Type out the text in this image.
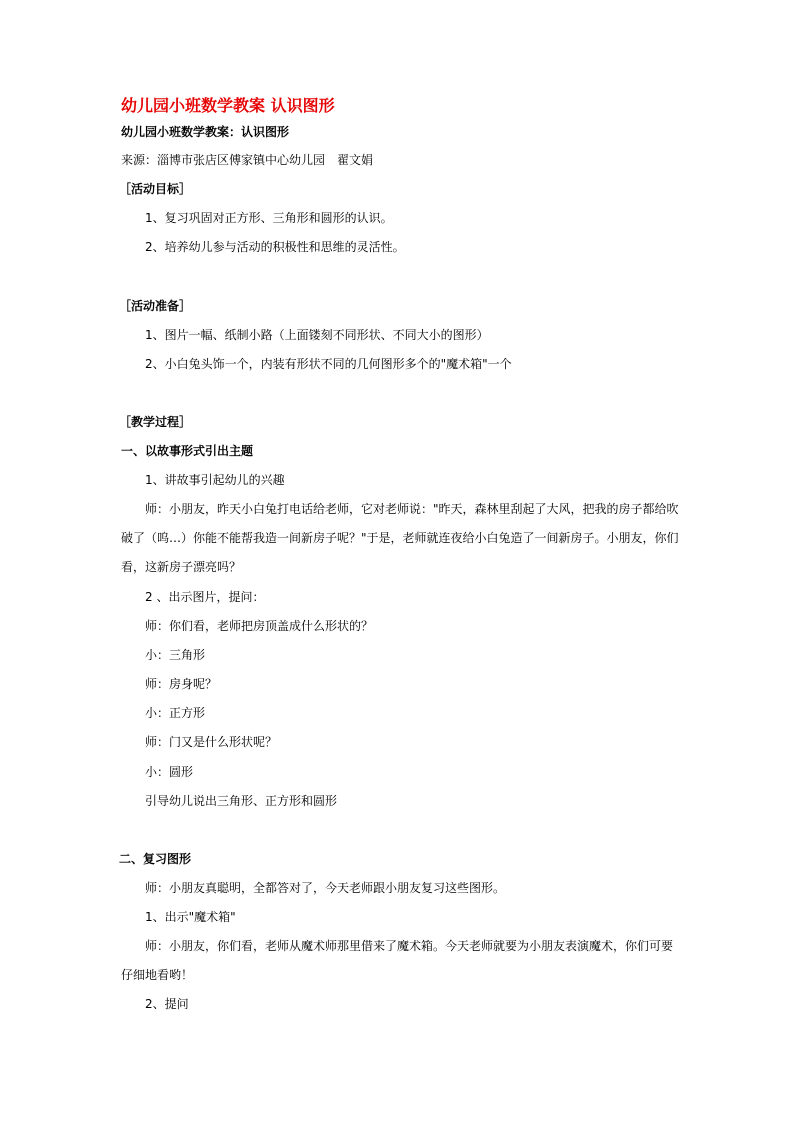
幼儿园小班数学教案 认识图形
幼儿园小班数学教案：认识图形
来源：淄博市张店区傅家镇中心幼儿园　翟文娟
［活动目标］
1、复习巩固对正方形、三角形和圆形的认识。
2、培养幼儿参与活动的积极性和思维的灵活性。
［活动准备］
1、图片一幅、纸制小路（上面镂刻不同形状、不同大小的图形）
2、小白兔头饰一个，内装有形状不同的几何图形多个的"魔术箱"一个
［教学过程］
一、以故事形式引出主题
1、讲故事引起幼儿的兴趣
师：小朋友，昨天小白兔打电话给老师，它对老师说："昨天，森林里刮起了大风，把我的房子都给吹
破了（呜…）你能不能帮我造一间新房子呢？"于是，老师就连夜给小白兔造了一间新房子。小朋友，你们
看，这新房子漂亮吗？
2 、出示图片，提问：
师：你们看，老师把房顶盖成什么形状的？
小：三角形
师：房身呢？
小：正方形
师：门又是什么形状呢？
小：圆形
引导幼儿说出三角形、正方形和圆形
二、复习图形
师：小朋友真聪明，全都答对了，今天老师跟小朋友复习这些图形。
1、出示"魔术箱"
师：小朋友，你们看，老师从魔术师那里借来了魔术箱。今天老师就要为小朋友表演魔术，你们可要
仔细地看哟！
2、提问
